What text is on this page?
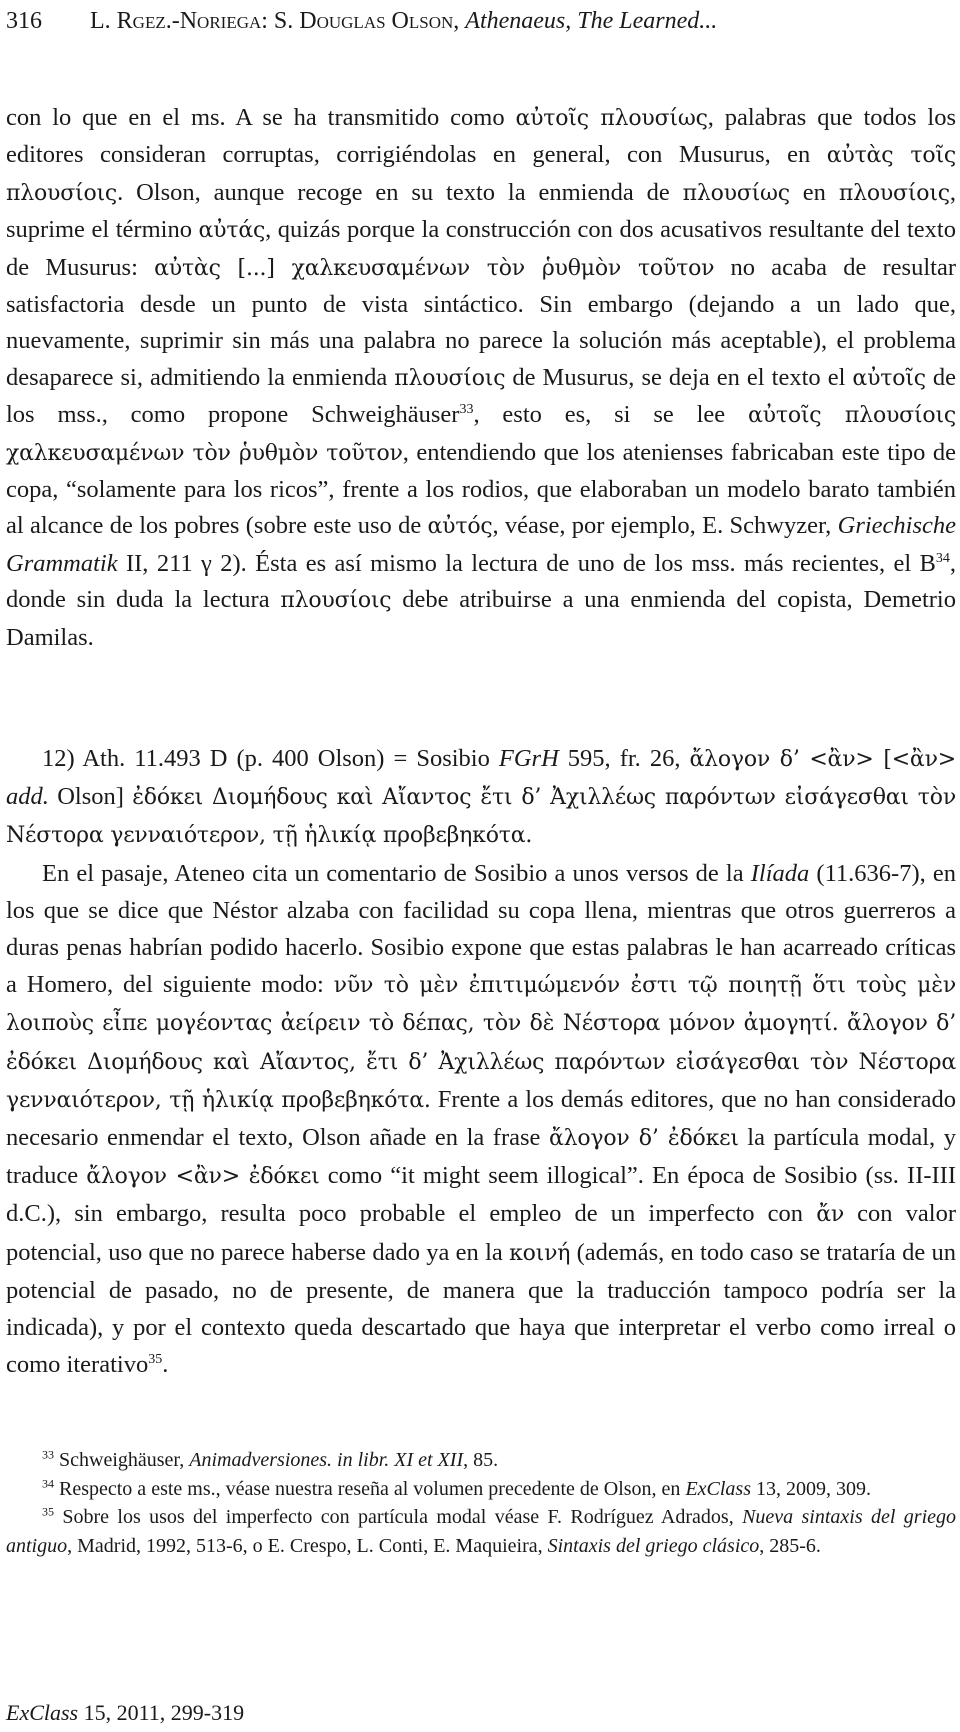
316 L. Rgez.-Noriega: S. Douglas Olson, Athenaeus, The Learned...

con lo que en el ms. A se ha transmitido como αὐτοῖς πλουσίως, palabras que todos los editores consideran corruptas, corrigiéndolas en general, con Musurus, en αὐτὰς τοῖς πλουσίοις. Olson, aunque recoge en su texto la enmienda de πλουσίως en πλουσίοις, suprime el término αὐτάς, quizás porque la construcción con dos acusativos resultante del texto de Musurus: αὐτὰς [...] χαλκευσαμένων τὸν ῥυθμὸν τοῦτον no acaba de resultar satisfactoria desde un punto de vista sintáctico. Sin embargo (dejando a un lado que, nuevamente, suprimir sin más una palabra no parece la solución más aceptable), el problema desaparece si, admitiendo la enmienda πλουσίοις de Musurus, se deja en el texto el αὐτοῖς de los mss., como propone Schweighäuser$^{33}$, esto es, si se lee αὐτοῖς πλουσίοις χαλκευσαμένων τὸν ῥυθμὸν τοῦτον, entendiendo que los atenienses fabricaban este tipo de copa, “solamente para los ricos”, frente a los rodios, que elaboraban un modelo barato también al alcance de los pobres (sobre este uso de αὐτός, véase, por ejemplo, E. Schwyzer, Griechische Grammatik II, 211 γ 2). Ésta es así mismo la lectura de uno de los mss. más recientes, el $B^{34}$, donde sin duda la lectura πλουσίοις debe atribuirse a una enmienda del copista, Demetrio Damilas.

12) Ath. 11.493 D (p. 400 Olson) = Sosibio FGrH 595, fr. 26, ἄλογον δ’ <ἂν> [<ἂν> add. Olson] ἐδόκει Διομήδους καὶ Αἴαντος ἔτι δ’ Ἀχιλλέως παρόντων εἰσάγεσθαι τὸν Νέστορα γενναιότερον, τῇ ἡλικίᾳ προβεβηκότα.

En el pasaje, Ateneo cita un comentario de Sosibio a unos versos de la Ilíada (11.636-7), en los que se dice que Néstor alzaba con facilidad su copa llena, mientras que otros guerreros a duras penas habrían podido hacerlo. Sosibio expone que estas palabras le han acarreado críticas a Homero, del siguiente modo: νῦν τὸ μὲν ἐπιτιμώμενόν ἐστι τῷ ποιητῇ ὅτι τοὺς μὲν λοιποὺς εἶπε μογέοντας ἀείρειν τὸ δέπας, τὸν δὲ Νέστορα μόνον ἀμογητί. ἄλογον δ’ ἐδόκει Διομήδους καὶ Αἴαντος, ἔτι δ’ Ἀχιλλέως παρόντων εἰσάγεσθαι τὸν Νέστορα γενναιότερον, τῇ ἡλικίᾳ προβεβηκότα. Frente a los demás editores, que no han considerado necesario enmendar el texto, Olson añade en la frase ἄλογον δ’ ἐδόκει la partícula modal, y traduce ἄλογον <ἂν> ἐδόκει como “it might seem illogical”. En época de Sosibio (ss. II-III d.C.), sin embargo, resulta poco probable el empleo de un imperfecto con ἄν con valor potencial, uso que no parece haberse dado ya en la κοινή (además, en todo caso se trataría de un potencial de pasado, no de presente, de manera que la traducción tampoco podría ser la indicada), y por el contexto queda descartado que haya que interpretar el verbo como irreal o como iterativo$^{35}$.

$^{33}$ Schweighäuser, Animadversiones. in libr. XI et XII, 85.

$^{34}$ Respecto a este ms., véase nuestra reseña al volumen precedente de Olson, en ExClass 13, 2009, 309.

$^{35}$ Sobre los usos del imperfecto con partícula modal véase F. Rodríguez Adrados, Nueva sintaxis del griego antiguo, Madrid, 1992, 513-6, o E. Crespo, L. Conti, E. Maquieira, Sintaxis del griego clásico, 285-6.

ExClass 15, 2011, 299-319
